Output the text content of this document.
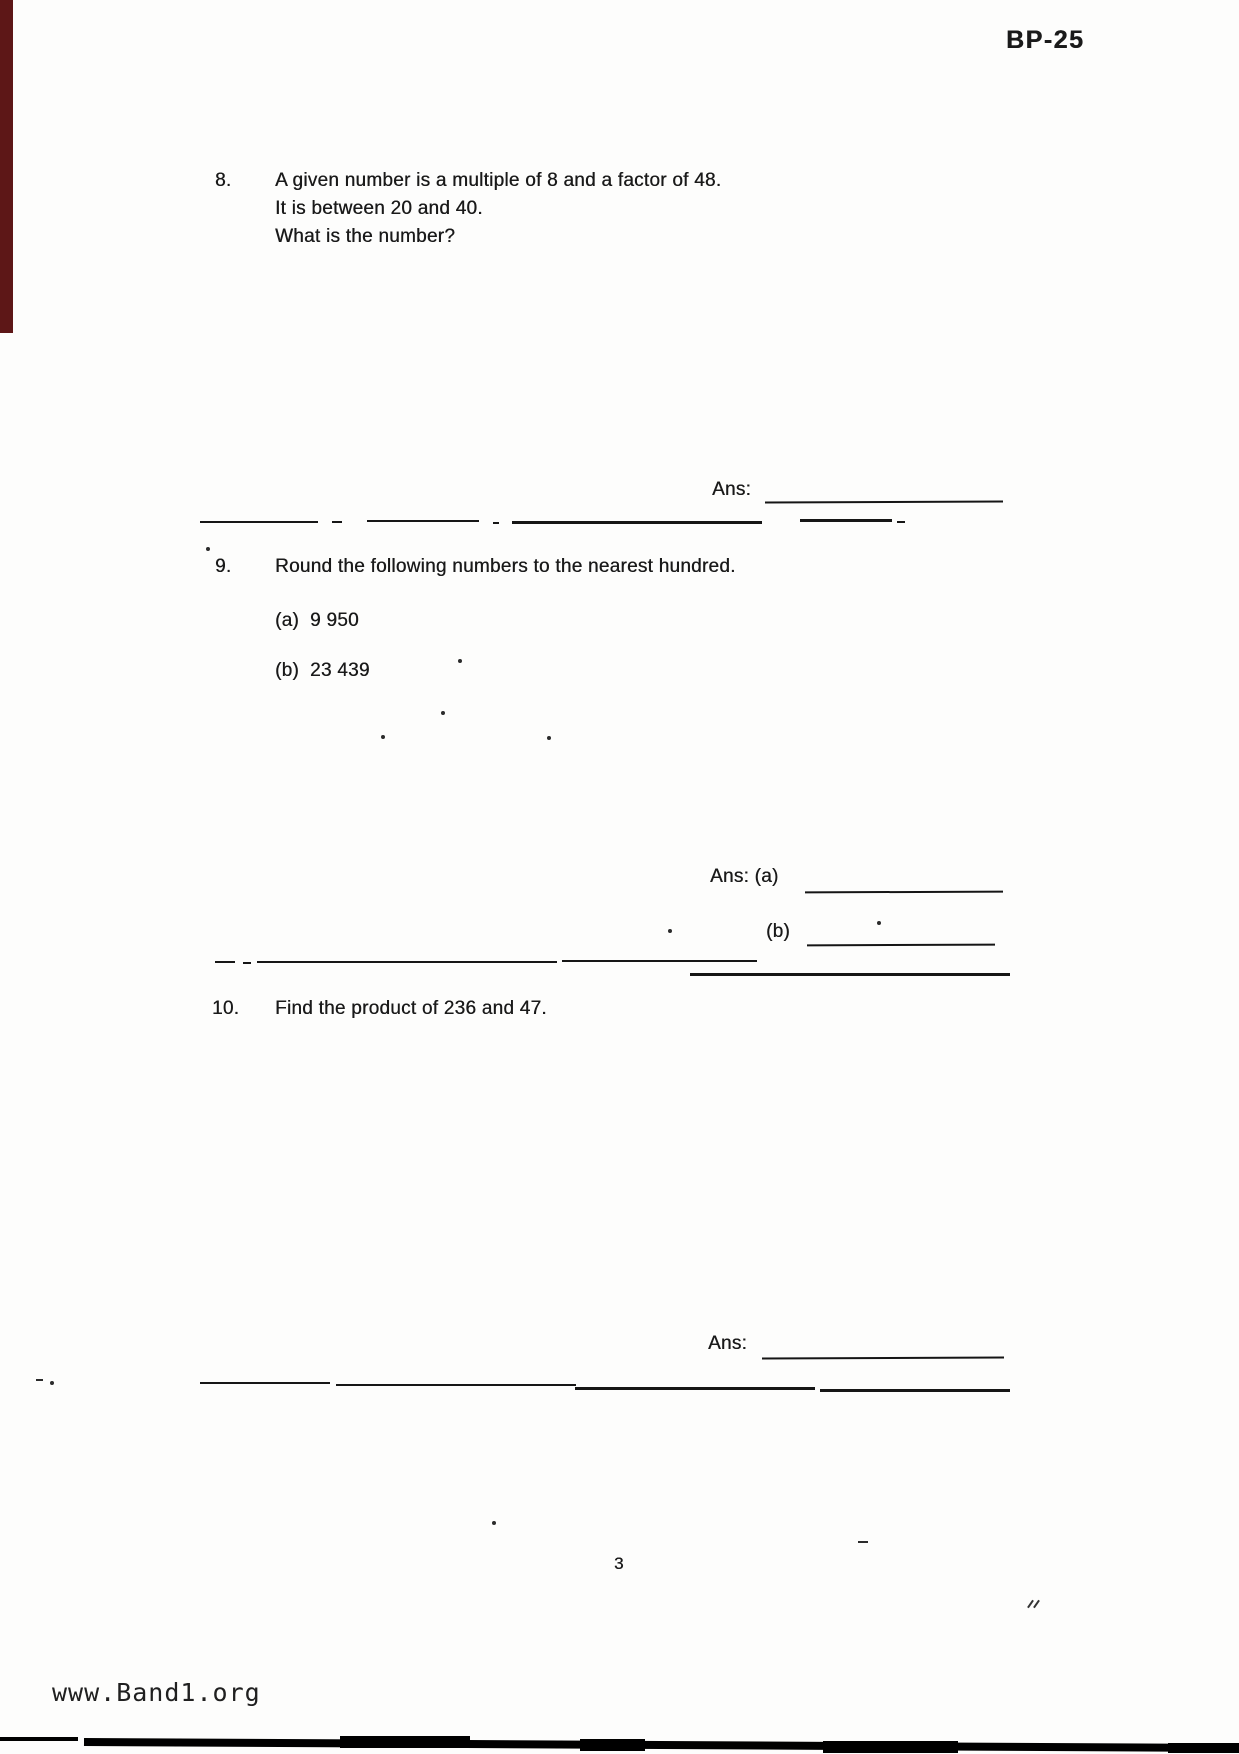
BP-25
8. A given number is a multiple of 8 and a factor of 48.
It is between 20 and 40.
What is the number?
Ans:
9. Round the following numbers to the nearest hundred.
(a) 9 950
(b) 23 439
Ans: (a)
(b)
10. Find the product of 236 and 47.
Ans:
3
www.Band1.org
